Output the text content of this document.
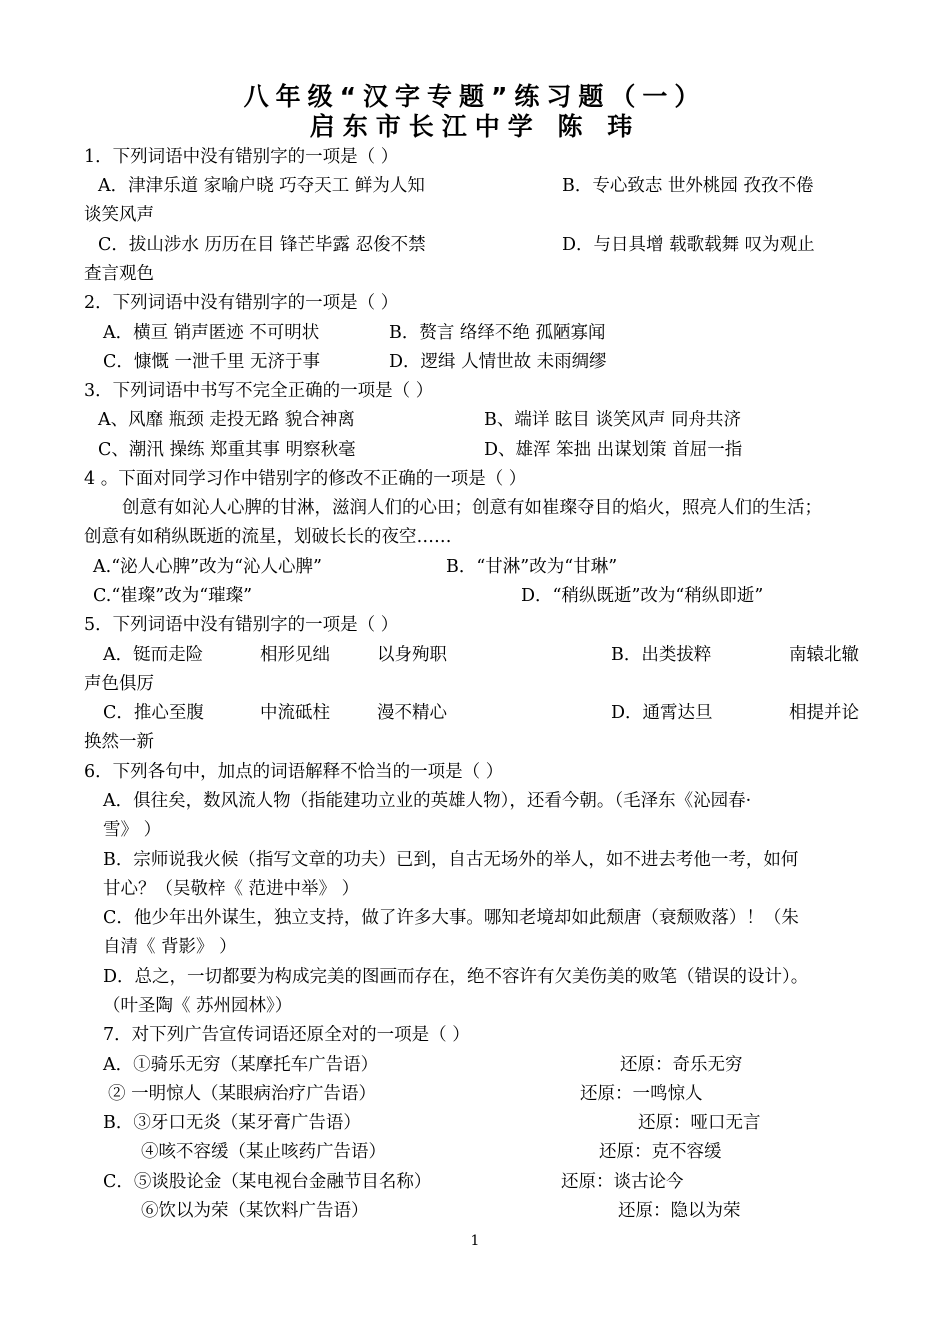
八年级“汉字专题”练习题（一）
启东市长江中学 陈 玮
1．下列词语中没有错别字的一项是（ ）
A．津津乐道 家喻户晓 巧夺天工 鲜为人知	B．专心致志 世外桃园 孜孜不倦
谈笑风声
C．拔山涉水 历历在目 锋芒毕露 忍俊不禁	D．与日具增 载歌载舞 叹为观止
查言观色
2．下列词语中没有错别字的一项是（ ）
A．横亘 销声匿迹 不可明状	B．赘言 络绎不绝 孤陋寡闻
C．慷慨 一泄千里 无济于事	D．逻缉 人情世故 未雨绸缪
3．下列词语中书写不完全正确的一项是（ ）
A、风靡 瓶颈 走投无路 貌合神离	B、端详 眩目 谈笑风声 同舟共济
C、潮汛 操练 郑重其事 明察秋毫	D、雄浑 笨拙 出谋划策 首屈一指
4 。下面对同学习作中错别字的修改不正确的一项是（ ）
创意有如沁人心脾的甘淋，滋润人们的心田；创意有如崔璨夺目的焰火，照亮人们的生活；
创意有如稍纵既逝的流星，划破长长的夜空……
A.“泌人心脾”改为“沁人心脾”	B．“甘淋”改为“甘琳”
C.“崔璨”改为“璀璨”	D．“稍纵既逝”改为“稍纵即逝”
5．下列词语中没有错别字的一项是（ ）
A．铤而走险	相形见绌	以身殉职	B．出类拔粹	南辕北辙
声色俱厉
C．推心至腹	中流砥柱	漫不精心	D．通霄达旦	相提并论
换然一新
6．下列各句中，加点的词语解释不恰当的一项是（ ）
A．俱往矣，数风流人物（指能建功立业的英雄人物），还看今朝。（毛泽东《沁园春·
雪》 ）
B．宗师说我火候（指写文章的功夫）已到，自古无场外的举人，如不进去考他一考，如何
甘心？（吴敬梓《 范进中举》 ）
C．他少年出外谋生，独立支持，做了许多大事。哪知老境却如此颓唐（衰颓败落）！（朱
自清《 背影》 ）
D．总之，一切都要为构成完美的图画而存在，绝不容许有欠美伤美的败笔（错误的设计）。
（叶圣陶《 苏州园林》）
7．对下列广告宣传词语还原全对的一项是（ ）
A．①骑乐无穷（某摩托车广告语）	还原：奇乐无穷
② 一明惊人（某眼病治疗广告语）	还原：一鸣惊人
B．③牙口无炎（某牙膏广告语）	还原：哑口无言
④咳不容缓（某止咳药广告语）	还原：克不容缓
C．⑤谈股论金（某电视台金融节目名称）	还原：谈古论今
⑥饮以为荣（某饮料广告语）	还原：隐以为荣
1
